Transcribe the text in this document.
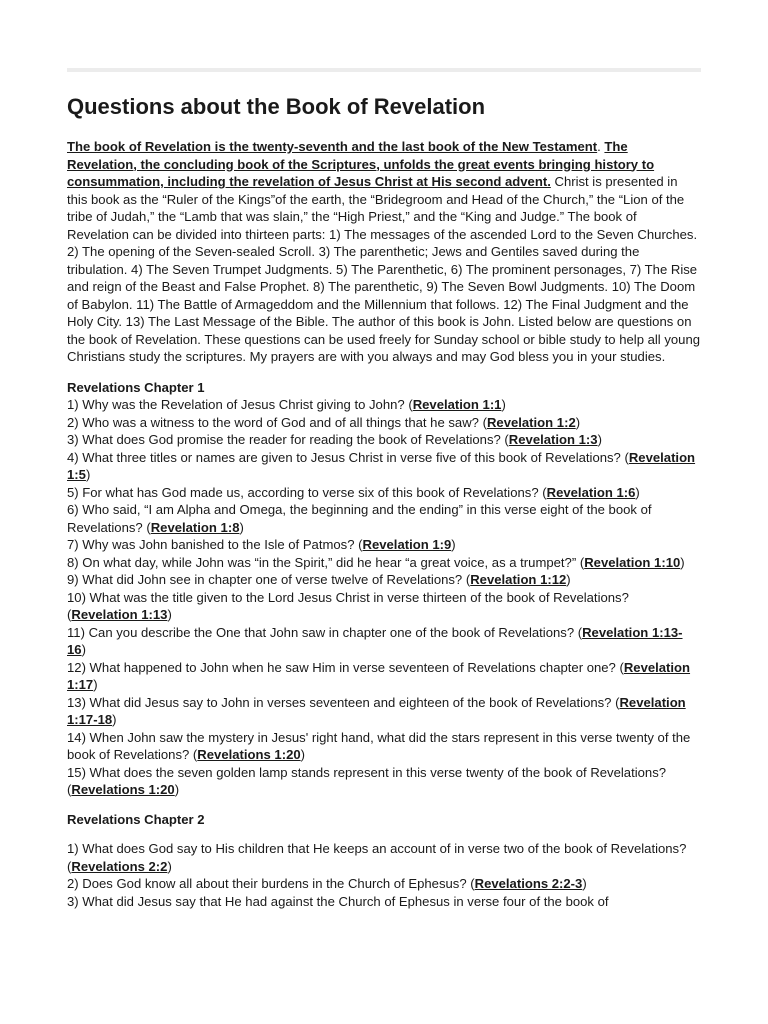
Questions about the Book of Revelation

The book of Revelation is the twenty-seventh and the last book of the New Testament. The Revelation, the concluding book of the Scriptures, unfolds the great events bringing history to consummation, including the revelation of Jesus Christ at His second advent. Christ is presented in this book as the “Ruler of the Kings”of the earth, the “Bridegroom and Head of the Church,” the “Lion of the tribe of Judah,” the “Lamb that was slain,” the “High Priest,” and the “King and Judge.” The book of Revelation can be divided into thirteen parts: 1) The messages of the ascended Lord to the Seven Churches. 2) The opening of the Seven-sealed Scroll. 3) The parenthetic; Jews and Gentiles saved during the tribulation. 4) The Seven Trumpet Judgments. 5) The Parenthetic, 6) The prominent personages, 7) The Rise and reign of the Beast and False Prophet. 8) The parenthetic, 9) The Seven Bowl Judgments. 10) The Doom of Babylon. 11) The Battle of Armageddom and the Millennium that follows. 12) The Final Judgment and the Holy City. 13) The Last Message of the Bible. The author of this book is John. Listed below are questions on the book of Revelation. These questions can be used freely for Sunday school or bible study to help all young Christians study the scriptures. My prayers are with you always and may God bless you in your studies.

Revelations Chapter 1

1) Why was the Revelation of Jesus Christ giving to John? (Revelation 1:1)
2) Who was a witness to the word of God and of all things that he saw? (Revelation 1:2)
3) What does God promise the reader for reading the book of Revelations? (Revelation 1:3)
4) What three titles or names are given to Jesus Christ in verse five of this book of Revelations? (Revelation 1:5)
5) For what has God made us, according to verse six of this book of Revelations? (Revelation 1:6)
6) Who said, “I am Alpha and Omega, the beginning and the ending” in this verse eight of the book of Revelations? (Revelation 1:8)
7) Why was John banished to the Isle of Patmos? (Revelation 1:9)
8) On what day, while John was “in the Spirit,” did he hear “a great voice, as a trumpet?” (Revelation 1:10)
9) What did John see in chapter one of verse twelve of Revelations? (Revelation 1:12)
10) What was the title given to the Lord Jesus Christ in verse thirteen of the book of Revelations? (Revelation 1:13)
11) Can you describe the One that John saw in chapter one of the book of Revelations? (Revelation 1:13-16)
12) What happened to John when he saw Him in verse seventeen of Revelations chapter one? (Revelation 1:17)
13) What did Jesus say to John in verses seventeen and eighteen of the book of Revelations? (Revelation 1:17-18)
14) When John saw the mystery in Jesus' right hand, what did the stars represent in this verse twenty of the book of Revelations? (Revelations 1:20)
15) What does the seven golden lamp stands represent in this verse twenty of the book of Revelations? (Revelations 1:20)

Revelations Chapter 2

1) What does God say to His children that He keeps an account of in verse two of the book of Revelations? (Revelations 2:2)
2) Does God know all about their burdens in the Church of Ephesus? (Revelations 2:2-3)
3) What did Jesus say that He had against the Church of Ephesus in verse four of the book of
